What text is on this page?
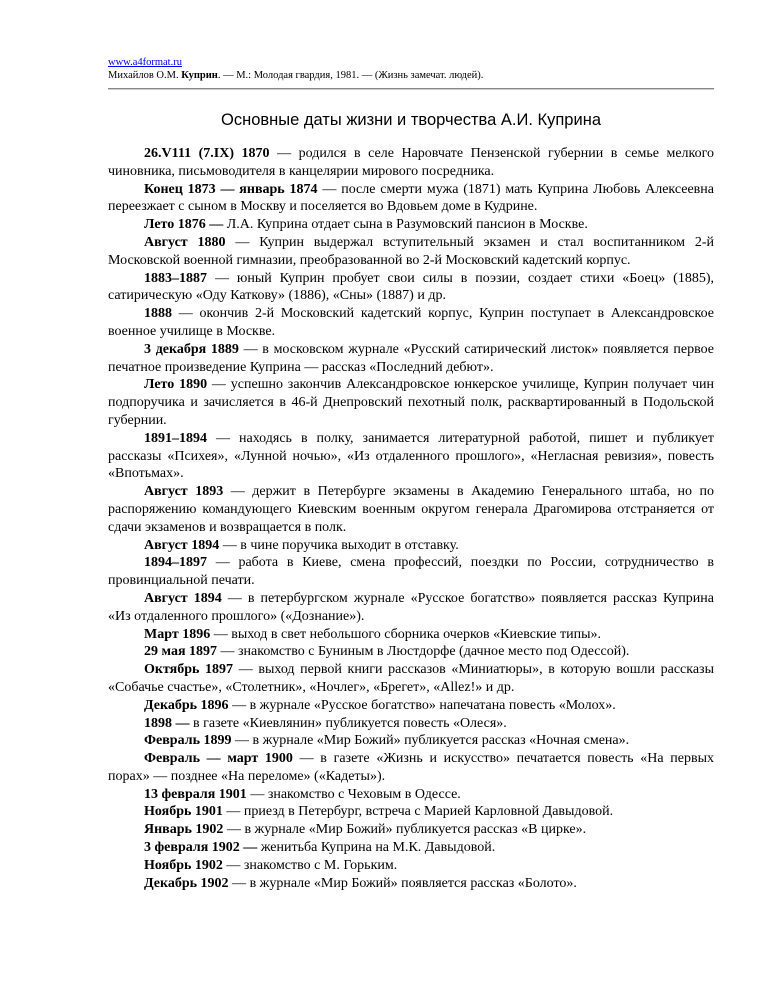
www.a4format.ru
Михайлов О.М. Куприн. — М.: Молодая гвардия, 1981. — (Жизнь замечат. людей).
Основные даты жизни и творчества А.И. Куприна

26.V111 (7.IX) 1870 — родился в селе Наровчате Пензенской губернии в семье мелкого чиновника, письмоводителя в канцелярии мирового посредника.

Конец 1873 — январь 1874 — после смерти мужа (1871) мать Куприна Любовь Алексеевна переезжает с сыном в Москву и поселяется во Вдовьем доме в Кудрине.

Лето 1876 — Л.А. Куприна отдает сына в Разумовский пансион в Москве.

Август 1880 — Куприн выдержал вступительный экзамен и стал воспитанником 2-й Московской военной гимназии, преобразованной во 2-й Московский кадетский корпус.

1883–1887 — юный Куприн пробует свои силы в поэзии, создает стихи «Боец» (1885), сатирическую «Оду Каткову» (1886), «Сны» (1887) и др.

1888 — окончив 2-й Московский кадетский корпус, Куприн поступает в Александровское военное училище в Москве.

3 декабря 1889 — в московском журнале «Русский сатирический листок» появляется первое печатное произведение Куприна — рассказ «Последний дебют».

Лето 1890 — успешно закончив Александровское юнкерское училище, Куприн получает чин подпоручика и зачисляется в 46-й Днепровский пехотный полк, расквартированный в Подольской губернии.

1891–1894 — находясь в полку, занимается литературной работой, пишет и публикует рассказы «Психея», «Лунной ночью», «Из отдаленного прошлого», «Негласная ревизия», повесть «Впотьмах».

Август 1893 — держит в Петербурге экзамены в Академию Генерального штаба, но по распоряжению командующего Киевским военным округом генерала Драгомирова отстраняется от сдачи экзаменов и возвращается в полк.

Август 1894 — в чине поручика выходит в отставку.

1894–1897 — работа в Киеве, смена профессий, поездки по России, сотрудничество в провинциальной печати.

Август 1894 — в петербургском журнале «Русское богатство» появляется рассказ Куприна «Из отдаленного прошлого» («Дознание»).

Март 1896 — выход в свет небольшого сборника очерков «Киевские типы».

29 мая 1897 — знакомство с Буниным в Люстдорфе (дачное место под Одессой).

Октябрь 1897 — выход первой книги рассказов «Миниатюры», в которую вошли рассказы «Собачье счастье», «Столетник», «Ночлег», «Брегет», «Allez!» и др.

Декабрь 1896 — в журнале «Русское богатство» напечатана повесть «Молох».

1898 — в газете «Киевлянин» публикуется повесть «Олеся».

Февраль 1899 — в журнале «Мир Божий» публикуется рассказ «Ночная смена».

Февраль — март 1900 — в газете «Жизнь и искусство» печатается повесть «На первых порах» — позднее «На переломе» («Кадеты»).

13 февраля 1901 — знакомство с Чеховым в Одессе.

Ноябрь 1901 — приезд в Петербург, встреча с Марией Карловной Давыдовой.

Январь 1902 — в журнале «Мир Божий» публикуется рассказ «В цирке».

3 февраля 1902 — женитьба Куприна на М.К. Давыдовой.

Ноябрь 1902 — знакомство с М. Горьким.

Декабрь 1902 — в журнале «Мир Божий» появляется рассказ «Болото».
